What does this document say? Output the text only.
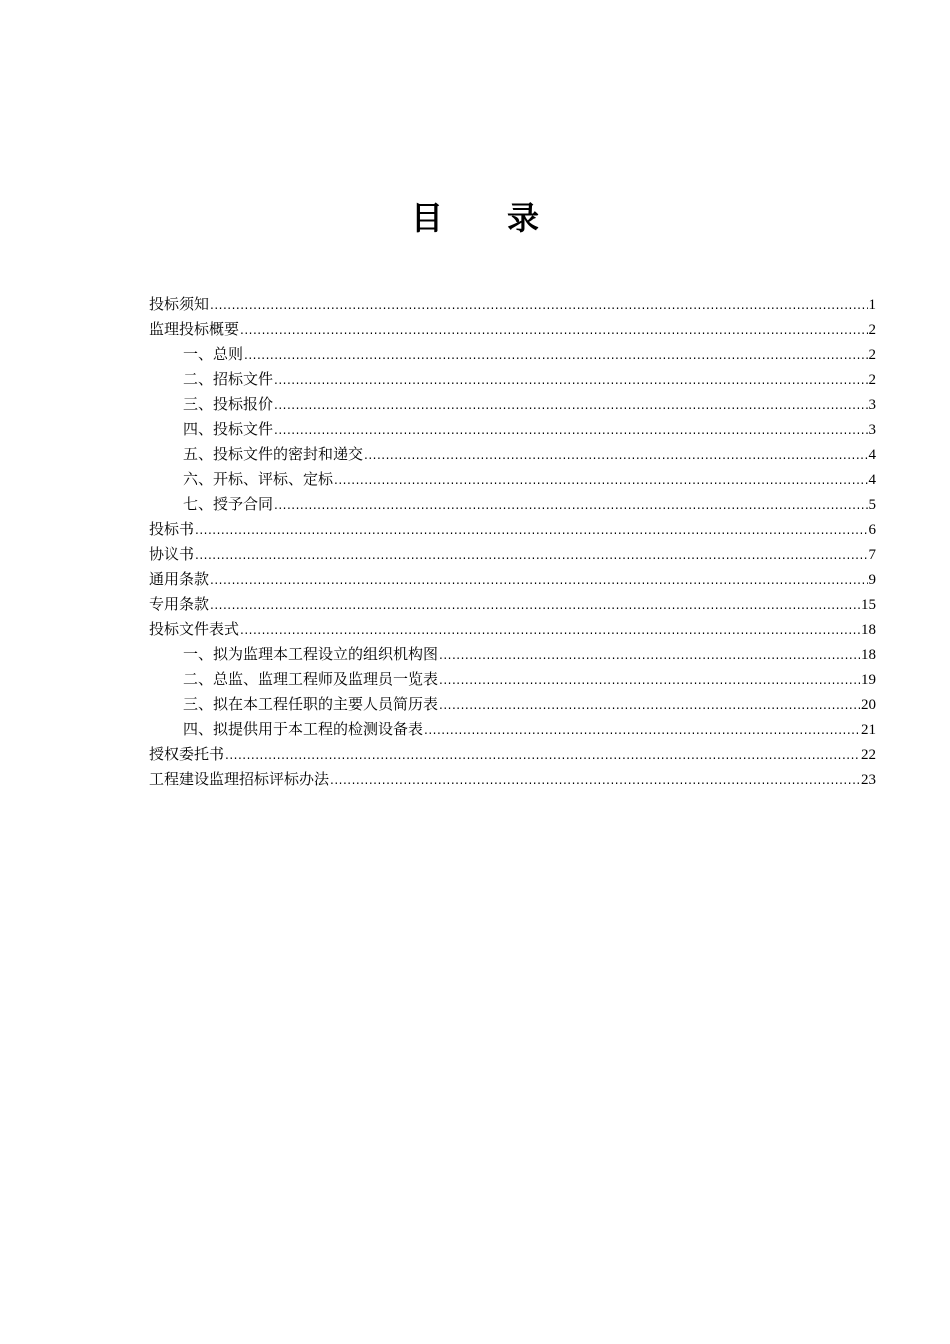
目录
投标须知 .....	1
监理投标概要 .....	2
一、总则 .....	2
二、招标文件 .....	2
三、投标报价 .....	3
四、投标文件 .....	3
五、投标文件的密封和递交 .....	4
六、开标、评标、定标 .....	4
七、授予合同 .....	5
投标书 .....	6
协议书 .....	7
通用条款 .....	9
专用条款 .....	15
投标文件表式 .....	18
一、拟为监理本工程设立的组织机构图 .....	18
二、总监、监理工程师及监理员一览表 .....	19
三、拟在本工程任职的主要人员简历表 .....	20
四、拟提供用于本工程的检测设备表 .....	21
授权委托书 .....	22
工程建设监理招标评标办法 .....	23
